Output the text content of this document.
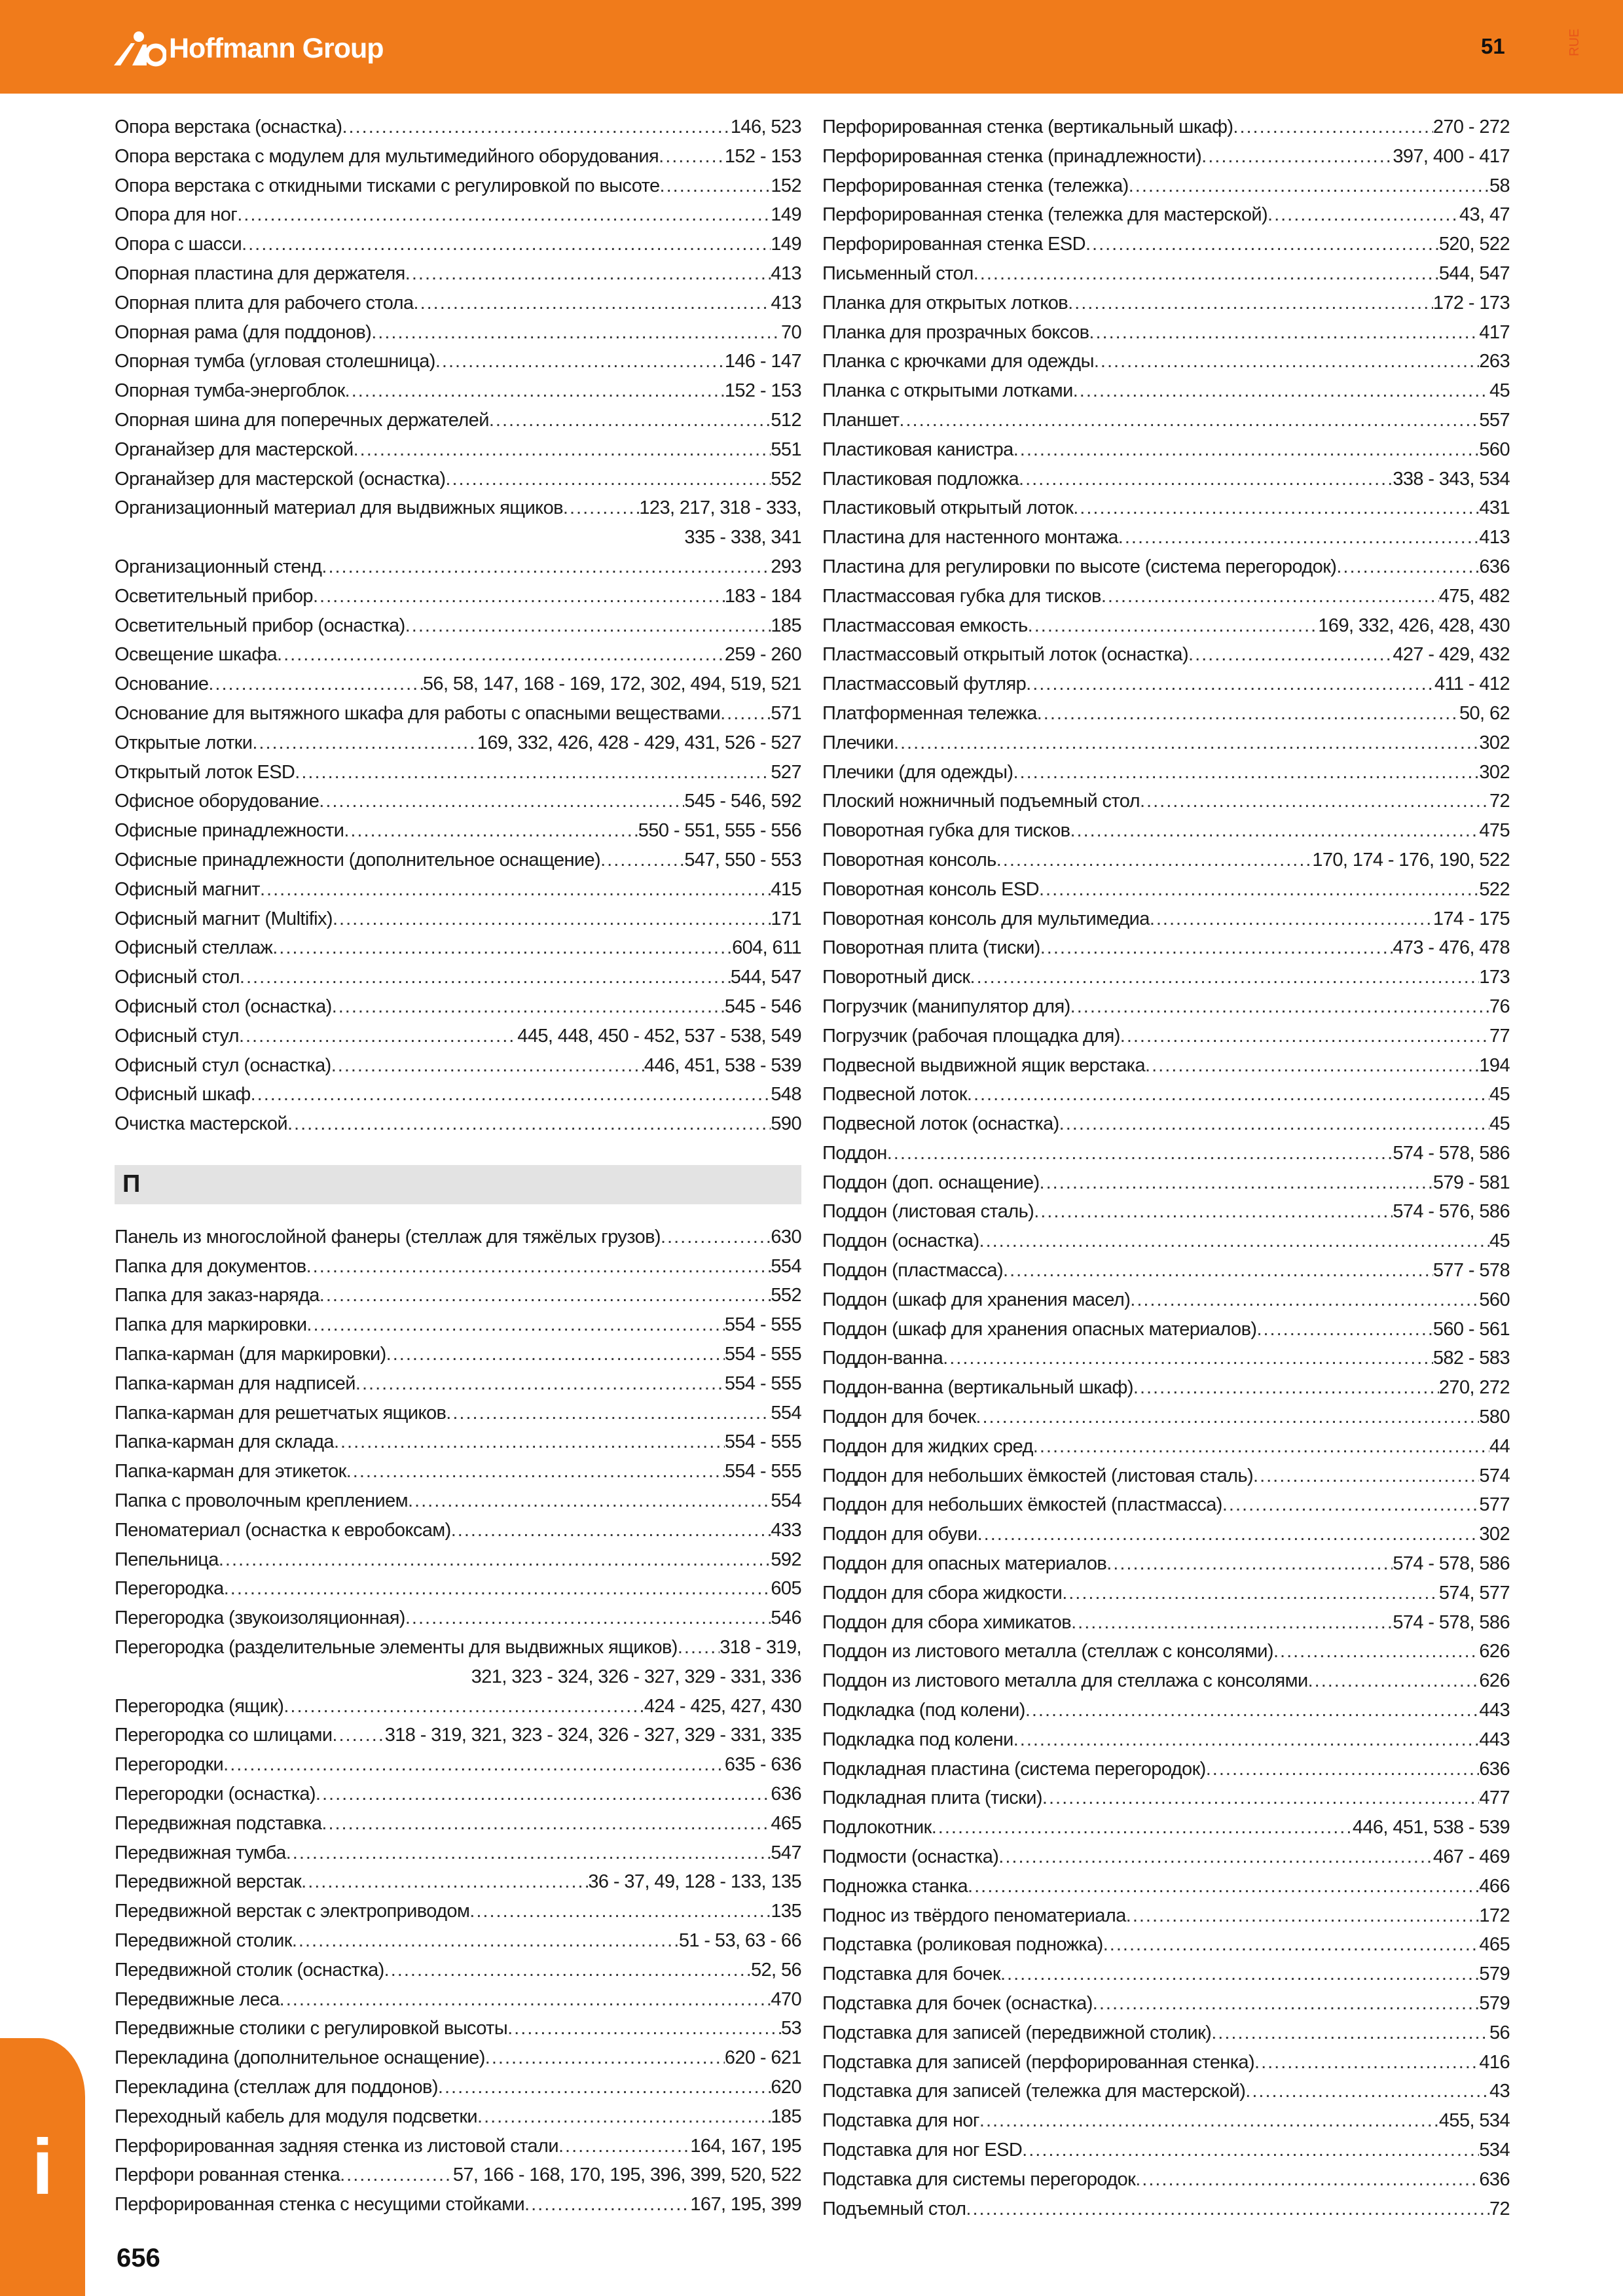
Hoffmann Group	51	RUE
Опора верстака (оснастка) .....	146, 523
Опора верстака с модулем для мультимедийного оборудования .....	152 - 153
Опора верстака с откидными тисками с регулировкой по высоте .....	152
Опора для ног .....	149
Опора с шасси .....	149
Опорная пластина для держателя .....	413
Опорная плита для рабочего стола .....	413
Опорная рама (для поддонов) .....	70
Опорная тумба (угловая столешница) .....	146 - 147
Опорная тумба-энергоблок .....	152 - 153
Опорная шина для поперечных держателей .....	512
Органайзер для мастерской .....	551
Органайзер для мастерской (оснастка) .....	552
Организационный материал для выдвижных ящиков .....	123, 217, 318 - 333,
335 - 338, 341
Организационный стенд .....	293
Осветительный прибор .....	183 - 184
Осветительный прибор (оснастка) .....	185
Освещение шкафа .....	259 - 260
Основание .....	56, 58, 147, 168 - 169, 172, 302, 494, 519, 521
Основание для вытяжного шкафа для работы с опасными веществами .....	571
Открытые лотки .....	169, 332, 426, 428 - 429, 431, 526 - 527
Открытый лоток ESD .....	527
Офисное оборудование .....	545 - 546, 592
Офисные принадлежности .....	550 - 551, 555 - 556
Офисные принадлежности (дополнительное оснащение) .....	547, 550 - 553
Офисный магнит .....	415
Офисный магнит (Multifix) .....	171
Офисный стеллаж .....	604, 611
Офисный стол .....	544, 547
Офисный стол (оснастка) .....	545 - 546
Офисный стул .....	445, 448, 450 - 452, 537 - 538, 549
Офисный стул (оснастка) .....	446, 451, 538 - 539
Офисный шкаф .....	548
Очистка мастерской .....	590
П
Панель из многослойной фанеры (стеллаж для тяжёлых грузов) .....	630
Папка для документов .....	554
Папка для заказ-наряда .....	552
Папка для маркировки .....	554 - 555
Папка-карман (для маркировки) .....	554 - 555
Папка-карман для надписей .....	554 - 555
Папка-карман для решетчатых ящиков .....	554
Папка-карман для склада .....	554 - 555
Папка-карман для этикеток .....	554 - 555
Папка с проволочным креплением .....	554
Пеноматериал (оснастка к евробоксам) .....	433
Пепельница .....	592
Перегородка .....	605
Перегородка (звукоизоляционная) .....	546
Перегородка (разделительные элементы для выдвижных ящиков) ..... 318 - 319,
321, 323 - 324, 326 - 327, 329 - 331, 336
Перегородка (ящик) .....	424 - 425, 427, 430
Перегородка со шлицами .....	318 - 319, 321, 323 - 324, 326 - 327, 329 - 331, 335
Перегородки .....	635 - 636
Перегородки (оснастка) .....	636
Передвижная подставка .....	465
Передвижная тумба .....	547
Передвижной верстак .....	36 - 37, 49, 128 - 133, 135
Передвижной верстак с электроприводом .....	135
Передвижной столик .....	51 - 53, 63 - 66
Передвижной столик (оснастка) .....	52, 56
Передвижные леса .....	470
Передвижные столики с регулировкой высоты .....	53
Перекладина (дополнительное оснащение) .....	620 - 621
Перекладина (стеллаж для поддонов) .....	620
Переходный кабель для модуля подсветки .....	185
Перфорированная задняя стенка из листовой стали .....	164, 167, 195
Перфори рованная стенка .....	57, 166 - 168, 170, 195, 396, 399, 520, 522
Перфорированная стенка с несущими стойками .....	167, 195, 399
Перфорированная стенка (вертикальный шкаф) .....	270 - 272
Перфорированная стенка (принадлежности) .....	397, 400 - 417
Перфорированная стенка (тележка) .....	58
Перфорированная стенка (тележка для мастерской) .....	43, 47
Перфорированная стенка ESD .....	520, 522
Письменный стол .....	544, 547
Планка для открытых лотков .....	172 - 173
Планка для прозрачных боксов .....	417
Планка с крючками для одежды .....	263
Планка с открытыми лотками .....	45
Планшет .....	557
Пластиковая канистра .....	560
Пластиковая подложка .....	338 - 343, 534
Пластиковый открытый лоток .....	431
Пластина для настенного монтажа .....	413
Пластина для регулировки по высоте (система перегородок) .....	636
Пластмассовая губка для тисков .....	475, 482
Пластмассовая емкость .....	169, 332, 426, 428, 430
Пластмассовый открытый лоток (оснастка) .....	427 - 429, 432
Пластмассовый футляр .....	411 - 412
Платформенная тележка .....	50, 62
Плечики .....	302
Плечики (для одежды) .....	302
Плоский ножничный подъемный стол .....	72
Поворотная губка для тисков .....	475
Поворотная консоль .....	170, 174 - 176, 190, 522
Поворотная консоль ESD .....	522
Поворотная консоль для мультимедиа .....	174 - 175
Поворотная плита (тиски) .....	473 - 476, 478
Поворотный диск .....	173
Погрузчик (манипулятор для) .....	76
Погрузчик (рабочая площадка для) .....	77
Подвесной выдвижной ящик верстака .....	194
Подвесной лоток .....	45
Подвесной лоток (оснастка) .....	45
Поддон .....	574 - 578, 586
Поддон (доп. оснащение) .....	579 - 581
Поддон (листовая сталь) .....	574 - 576, 586
Поддон (оснастка) .....	45
Поддон (пластмасса) .....	577 - 578
Поддон (шкаф для хранения масел) .....	560
Поддон (шкаф для хранения опасных материалов) .....	560 - 561
Поддон-ванна .....	582 - 583
Поддон-ванна (вертикальный шкаф) .....	270, 272
Поддон для бочек .....	580
Поддон для жидких сред .....	44
Поддон для небольших ёмкостей (листовая сталь) .....	574
Поддон для небольших ёмкостей (пластмасса) .....	577
Поддон для обуви .....	302
Поддон для опасных материалов .....	574 - 578, 586
Поддон для сбора жидкости .....	574, 577
Поддон для сбора химикатов .....	574 - 578, 586
Поддон из листового металла (стеллаж с консолями) .....	626
Поддон из листового металла для стеллажа с консолями .....	626
Подкладка (под колени) .....	443
Подкладка под колени .....	443
Подкладная пластина (система перегородок) .....	636
Подкладная плита (тиски) .....	477
Подлокотник .....	446, 451, 538 - 539
Подмости (оснастка) .....	467 - 469
Подножка станка .....	466
Поднос из твёрдого пеноматериала .....	172
Подставка (роликовая подножка) .....	465
Подставка для бочек .....	579
Подставка для бочек (оснастка) .....	579
Подставка для записей (передвижной столик) .....	56
Подставка для записей (перфорированная стенка) .....	416
Подставка для записей (тележка для мастерской) .....	43
Подставка для ног .....	455, 534
Подставка для ног ESD .....	534
Подставка для системы перегородок .....	636
Подъемный стол .....	72
i
656
